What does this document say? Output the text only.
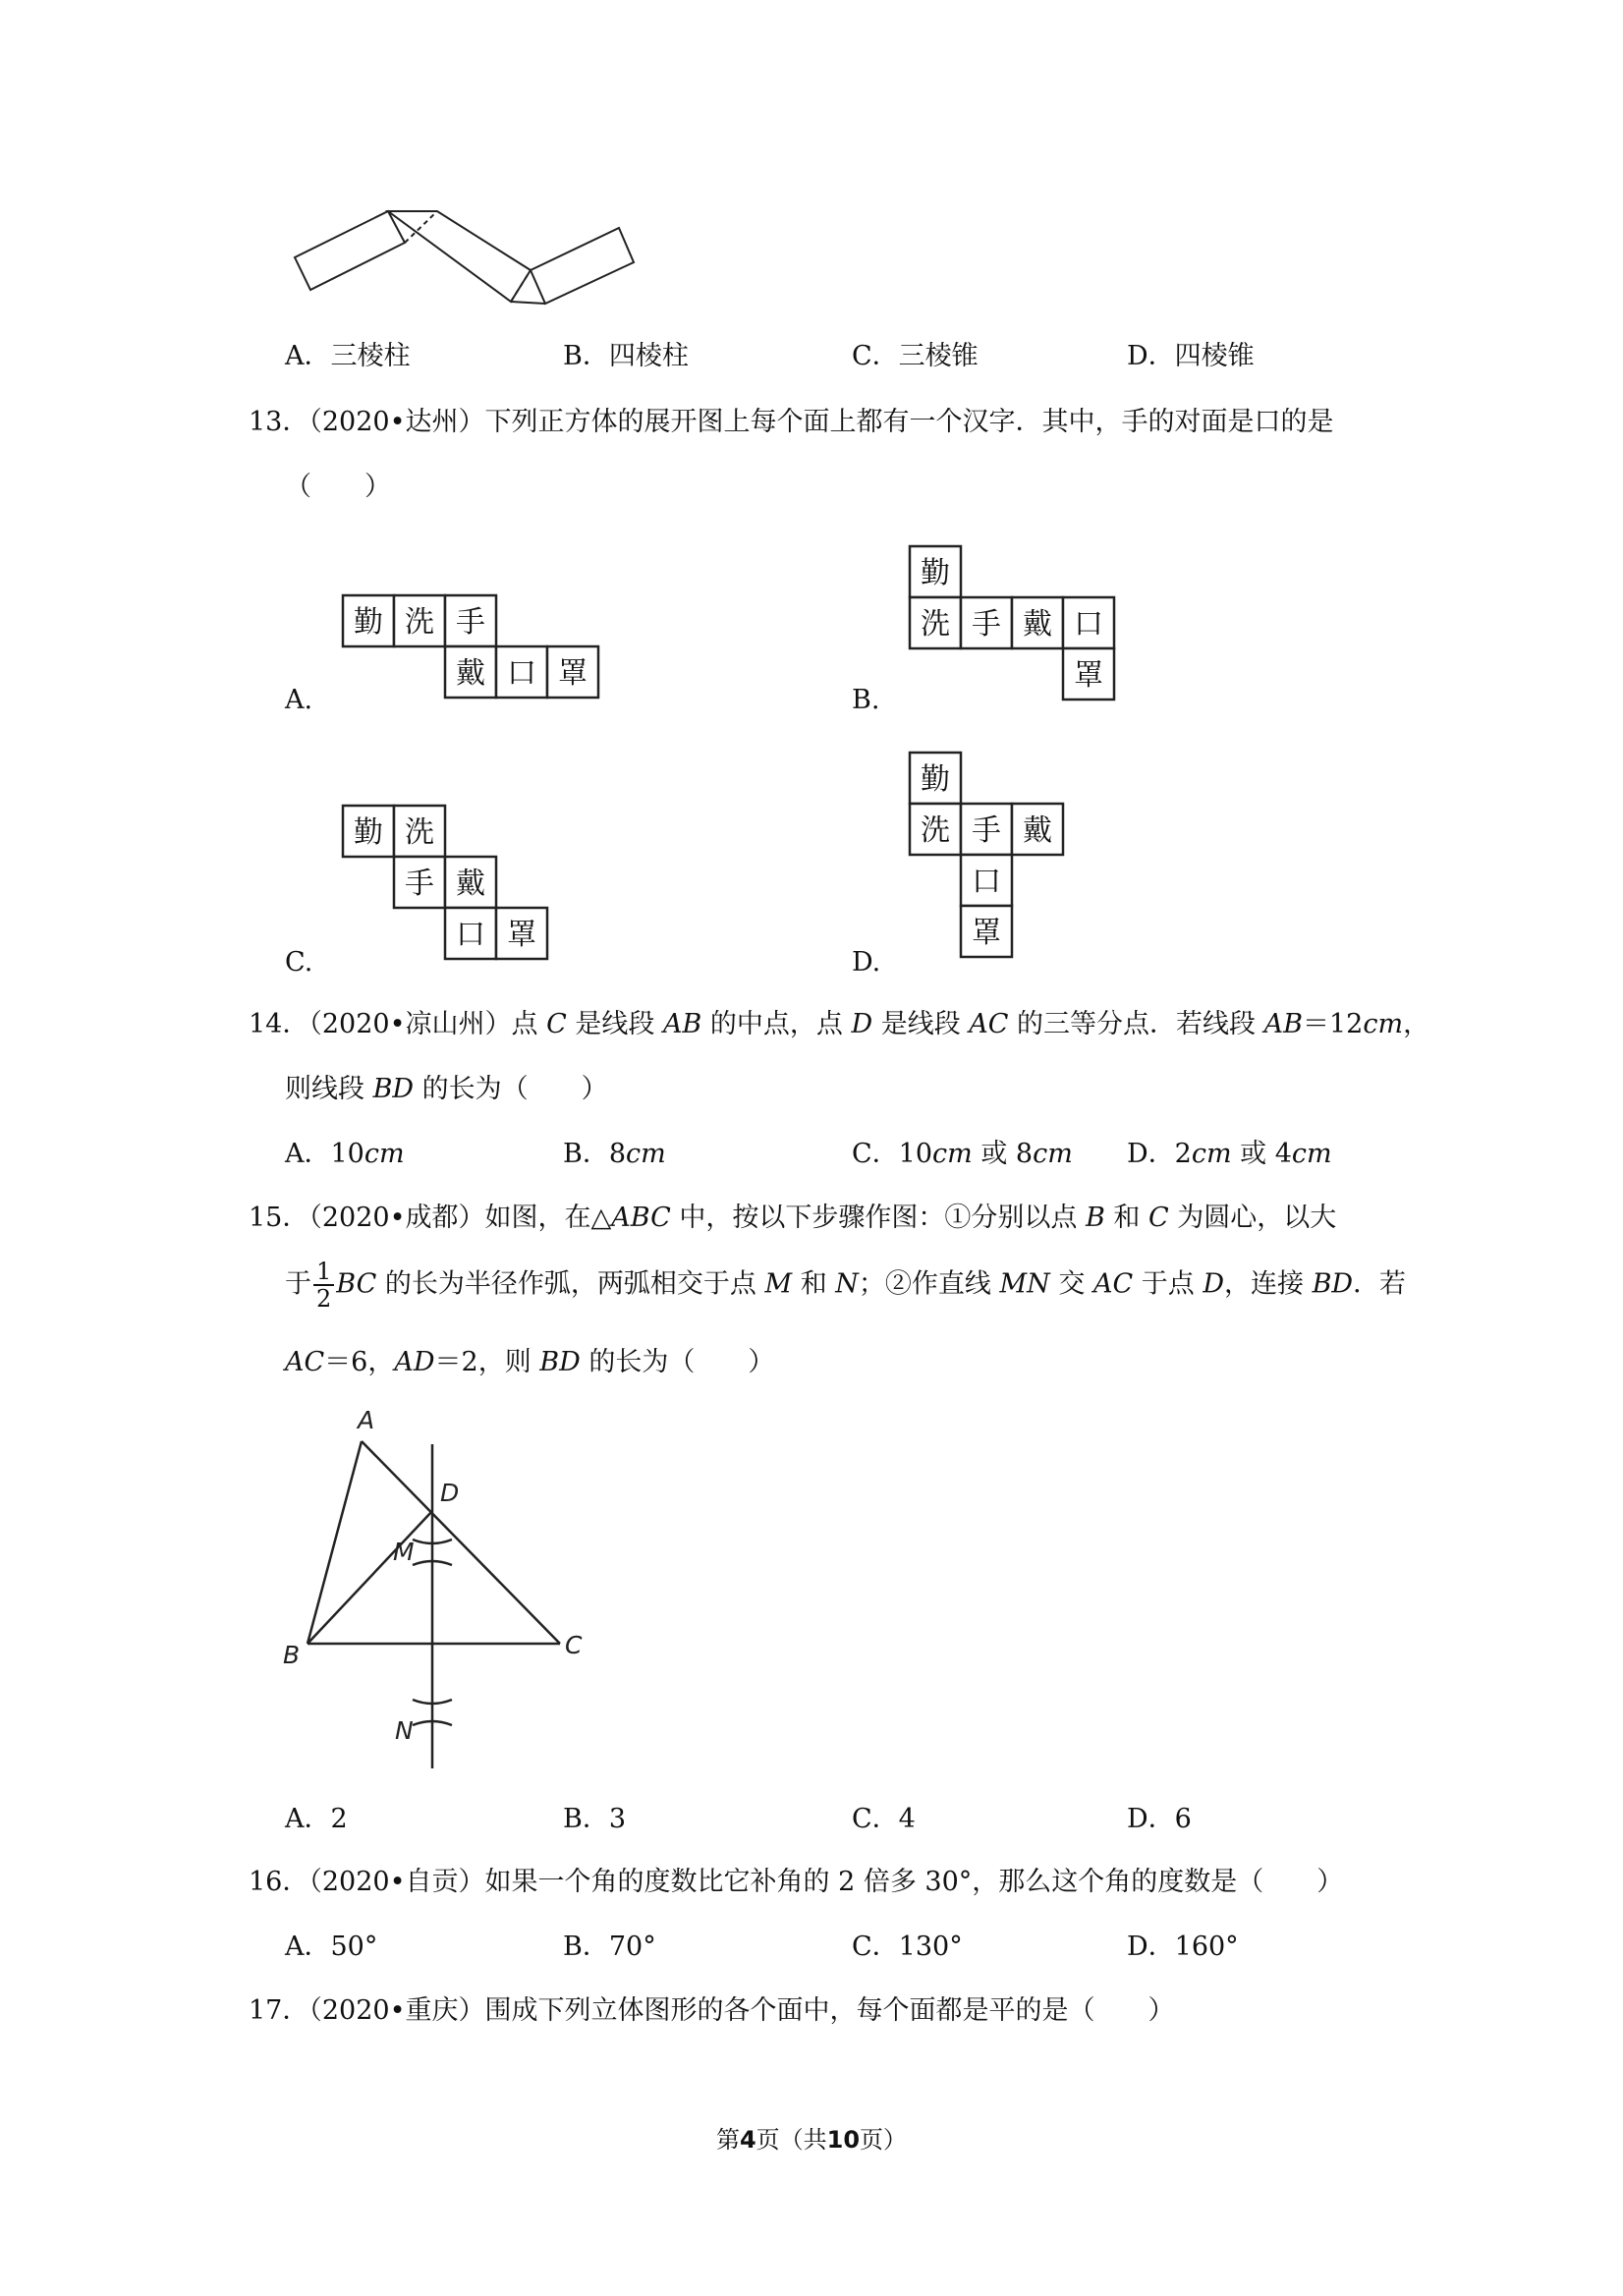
A．三棱柱	B．四棱柱	C．三棱锥	D．四棱锥
13．（2020•达州）下列正方体的展开图上每个面上都有一个汉字．其中，手的对面是口的是
（　　）
勤 洗 手
戴 口 罩
A.
勤
洗 手 戴 口
罩
B.
勤 洗
手 戴
口 罩
C.
勤
洗 手 戴
口
罩
D.
14．（2020•凉山州）点 C 是线段 AB 的中点，点 D 是线段 AC 的三等分点．若线段 AB＝12cm，
则线段 BD 的长为（　　）
A．10cm	B．8cm	C．10cm 或 8cm D．2cm 或 4cm
15．（2020•成都）如图，在△ABC 中，按以下步骤作图：①分别以点 B 和 C 为圆心，以大
于 $\frac{1}{2}$ BC 的长为半径作弧，两弧相交于点 M 和 N；②作直线 MN 交 AC 于点 D，连接 BD．若
AC＝6，AD＝2，则 BD 的长为（　　）
A
D
M
B	C
N
A．2	B．3	C．4	D．6
16．（2020•自贡）如果一个角的度数比它补角的 2 倍多 30°，那么这个角的度数是（　　）
A．50°	B．70°	C．130°	D．160°
17．（2020•重庆）围成下列立体图形的各个面中，每个面都是平的是（　　）
第4页（共10页）
